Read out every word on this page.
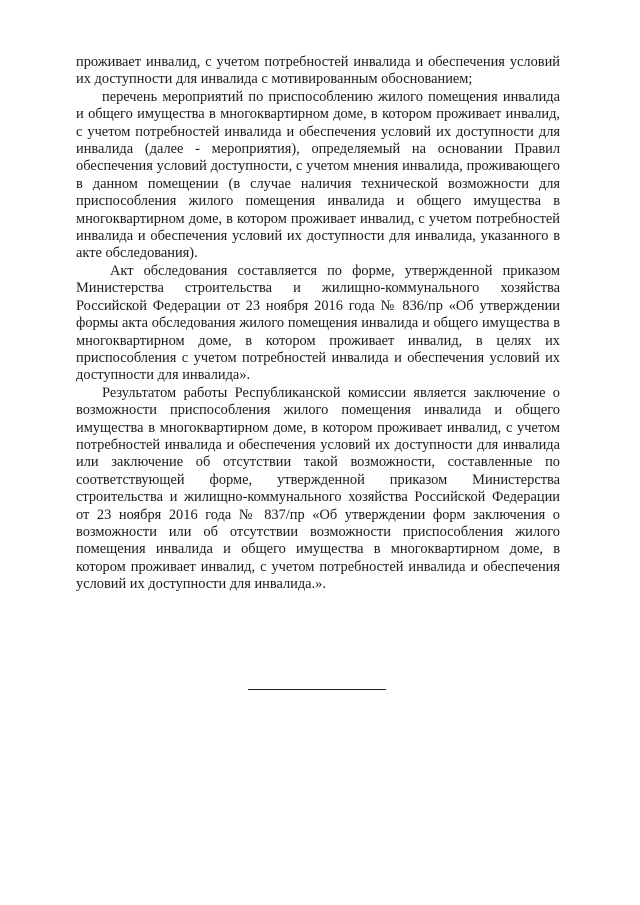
проживает инвалид, с учетом потребностей инвалида и обеспечения условий их доступности для инвалида с мотивированным обоснованием;

перечень мероприятий по приспособлению жилого помещения инвалида и общего имущества в многоквартирном доме, в котором проживает инвалид, с учетом потребностей инвалида и обеспечения условий их доступности для инвалида (далее - мероприятия), определяемый на основании Правил обеспечения условий доступности, с учетом мнения инвалида, проживающего в данном помещении (в случае наличия технической возможности для приспособления жилого помещения инвалида и общего имущества в многоквартирном доме, в котором проживает инвалид, с учетом потребностей инвалида и обеспечения условий их доступности для инвалида, указанного в акте обследования).

Акт обследования составляется по форме, утвержденной приказом Министерства строительства и жилищно-коммунального хозяйства Российской Федерации от 23 ноября 2016 года № 836/пр «Об утверждении формы акта обследования жилого помещения инвалида и общего имущества в многоквартирном доме, в котором проживает инвалид, в целях их приспособления с учетом потребностей инвалида и обеспечения условий их доступности для инвалида».

Результатом работы Республиканской комиссии является заключение о возможности приспособления жилого помещения инвалида и общего имущества в многоквартирном доме, в котором проживает инвалид, с учетом потребностей инвалида и обеспечения условий их доступности для инвалида или заключение об отсутствии такой возможности, составленные по соответствующей форме, утвержденной приказом Министерства строительства и жилищно-коммунального хозяйства Российской Федерации от 23 ноября 2016 года № 837/пр «Об утверждении форм заключения о возможности или об отсутствии возможности приспособления жилого помещения инвалида и общего имущества в многоквартирном доме, в котором проживает инвалид, с учетом потребностей инвалида и обеспечения условий их доступности для инвалида.».
